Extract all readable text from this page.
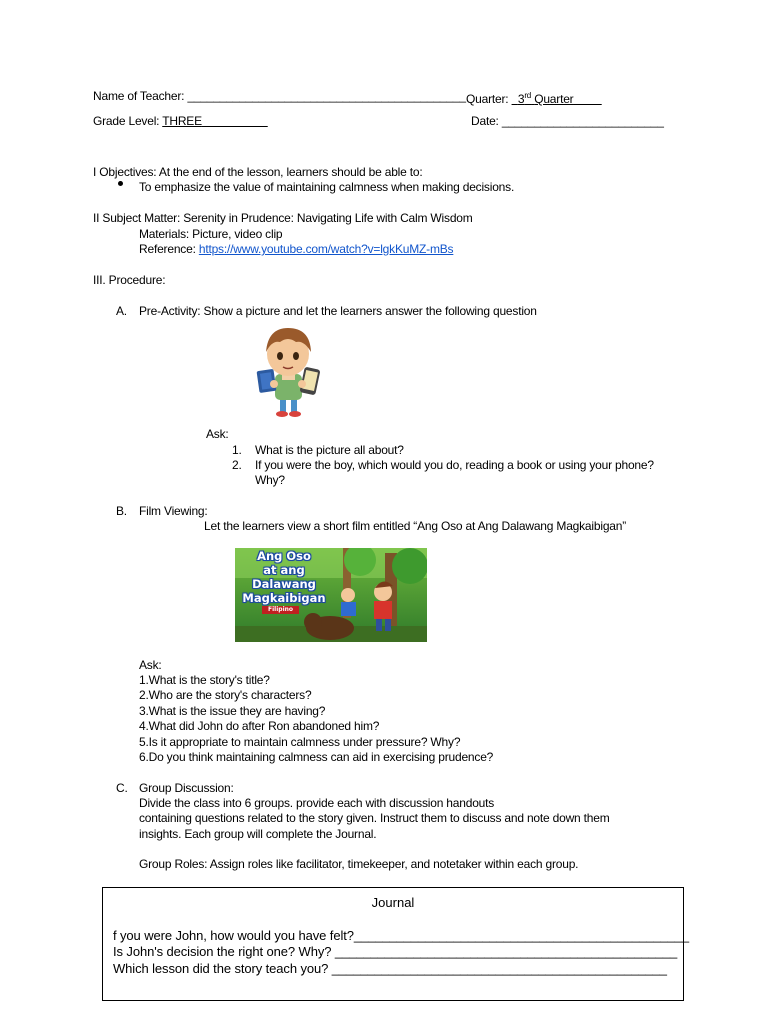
Name of Teacher: ___________________________________________ Quarter: 3rd Quarter
Grade Level: THREE	Date: _________________________
I Objectives: At the end of the lesson, learners should be able to:
To emphasize the value of maintaining calmness when making decisions.
II Subject Matter: Serenity in Prudence: Navigating Life with Calm Wisdom
Materials: Picture, video clip
Reference: https://www.youtube.com/watch?v=lgkKuMZ-mBs
III. Procedure:
A. Pre-Activity: Show a picture and let the learners answer the following question
Ask:
1. What is the picture all about?
2. If you were the boy, which would you do, reading a book or using your phone?
Why?
B. Film Viewing:
Let the learners view a short film entitled “Ang Oso at Ang Dalawang Magkaibigan”
Ang Oso
at ang
Dalawang
Magkaibigan
Filipino
Ask:
1.What is the story's title?
2.Who are the story's characters?
3.What is the issue they are having?
4.What did John do after Ron abandoned him?
5.Is it appropriate to maintain calmness under pressure? Why?
6.Do you think maintaining calmness can aid in exercising prudence?
C. Group Discussion:
Divide the class into 6 groups. provide each with discussion handouts
containing questions related to the story given. Instruct them to discuss and note down them
insights. Each group will complete the Journal.
Group Roles: Assign roles like facilitator, timekeeper, and notetaker within each group.
Journal
f you were John, how would you have felt?_______________________________________________
Is John's decision the right one? Why? ________________________________________________
Which lesson did the story teach you? _______________________________________________
